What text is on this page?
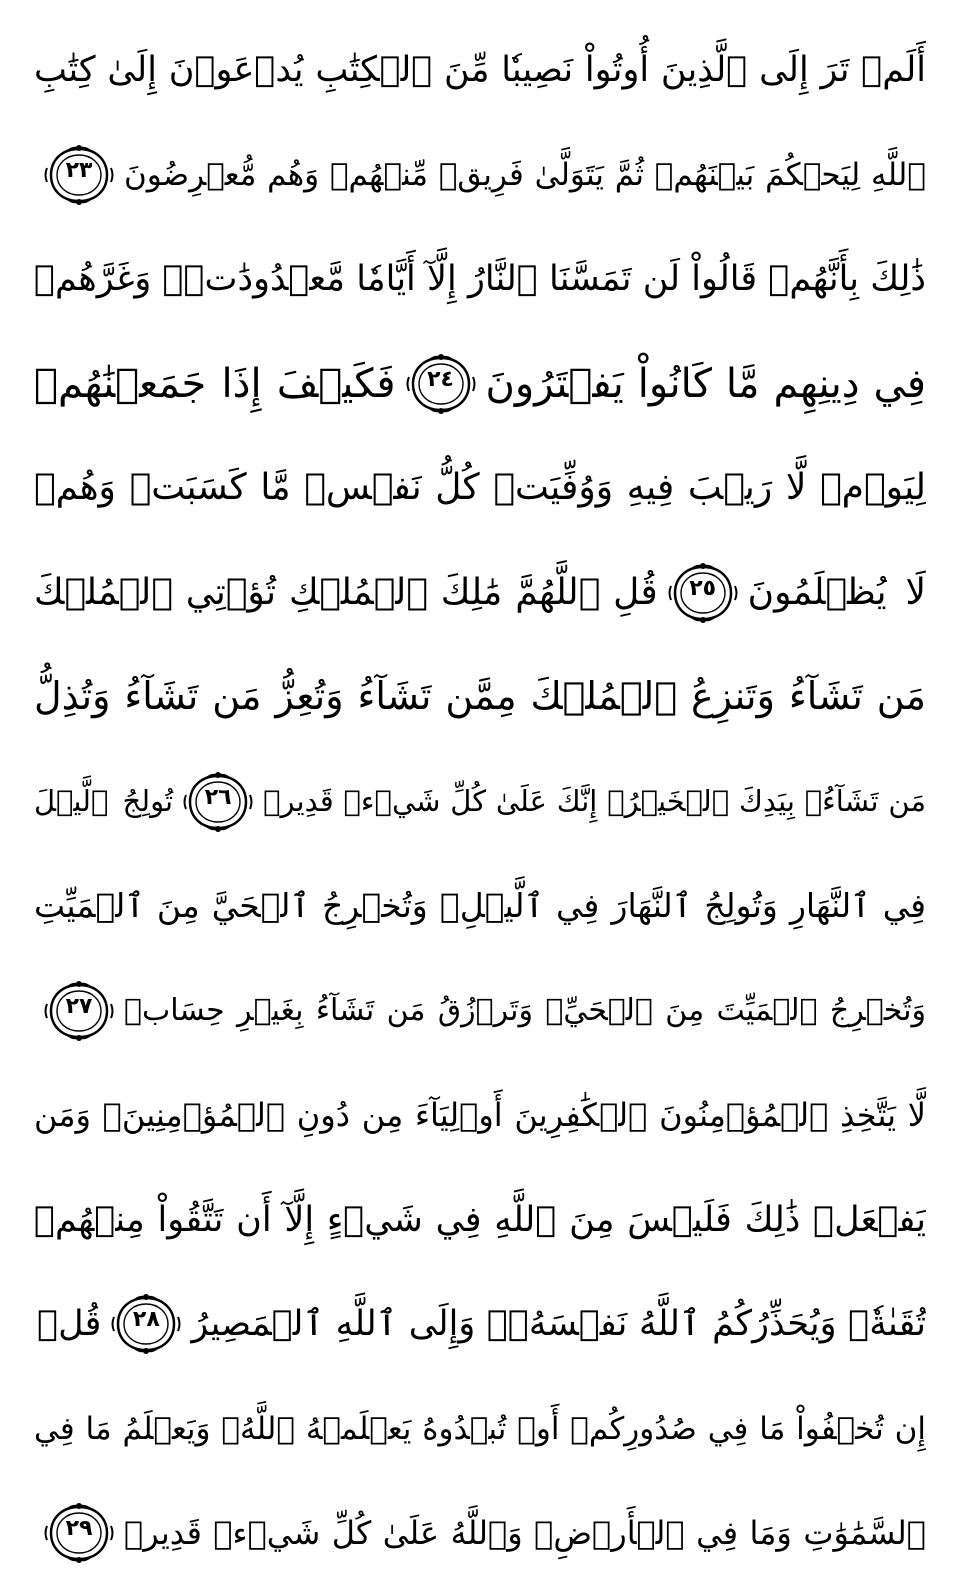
أَلَمۡ تَرَ إِلَى ٱلَّذِينَ أُوتُواْ نَصِيبٗا مِّنَ ٱلۡكِتَٰبِ يُدۡعَوۡنَ إِلَىٰ كِتَٰبِ
ٱللَّهِ لِيَحۡكُمَ بَيۡنَهُمۡ ثُمَّ يَتَوَلَّىٰ فَرِيقٞ مِّنۡهُمۡ وَهُم مُّعۡرِضُونَ
٢٣
ذَٰلِكَ بِأَنَّهُمۡ قَالُواْ لَن تَمَسَّنَا ٱلنَّارُ إِلَّآ أَيَّامٗا مَّعۡدُودَٰتٖۖ وَغَرَّهُمۡ
فِي دِينِهِم مَّا كَانُواْ يَفۡتَرُونَ
٢٤
فَكَيۡفَ إِذَا جَمَعۡنَٰهُمۡ
لِيَوۡمٖ لَّا رَيۡبَ فِيهِ وَوُفِّيَتۡ كُلُّ نَفۡسٖ مَّا كَسَبَتۡ وَهُمۡ
لَا يُظۡلَمُونَ
٢٥
قُلِ ٱللَّهُمَّ مَٰلِكَ ٱلۡمُلۡكِ تُؤۡتِي ٱلۡمُلۡكَ
مَن تَشَآءُ وَتَنزِعُ ٱلۡمُلۡكَ مِمَّن تَشَآءُ وَتُعِزُّ مَن تَشَآءُ وَتُذِلُّ
مَن تَشَآءُۖ بِيَدِكَ ٱلۡخَيۡرُۖ إِنَّكَ عَلَىٰ كُلِّ شَيۡءٖ قَدِيرٞ
٢٦
تُولِجُ ٱلَّيۡلَ
فِي ٱلنَّهَارِ وَتُولِجُ ٱلنَّهَارَ فِي ٱلَّيۡلِۖ وَتُخۡرِجُ ٱلۡحَيَّ مِنَ ٱلۡمَيِّتِ
وَتُخۡرِجُ ٱلۡمَيِّتَ مِنَ ٱلۡحَيِّۖ وَتَرۡزُقُ مَن تَشَآءُ بِغَيۡرِ حِسَابٖ
٢٧
لَّا يَتَّخِذِ ٱلۡمُؤۡمِنُونَ ٱلۡكَٰفِرِينَ أَوۡلِيَآءَ مِن دُونِ ٱلۡمُؤۡمِنِينَۖ وَمَن
يَفۡعَلۡ ذَٰلِكَ فَلَيۡسَ مِنَ ٱللَّهِ فِي شَيۡءٍ إِلَّآ أَن تَتَّقُواْ مِنۡهُمۡ
تُقَىٰةٗۗ وَيُحَذِّرُكُمُ ٱللَّهُ نَفۡسَهُۥۗ وَإِلَى ٱللَّهِ ٱلۡمَصِيرُ
٢٨
قُلۡ
إِن تُخۡفُواْ مَا فِي صُدُورِكُمۡ أَوۡ تُبۡدُوهُ يَعۡلَمۡهُ ٱللَّهُۗ وَيَعۡلَمُ مَا فِي
ٱلسَّمَٰوَٰتِ وَمَا فِي ٱلۡأَرۡضِۗ وَٱللَّهُ عَلَىٰ كُلِّ شَيۡءٖ قَدِيرٞ
٢٩
